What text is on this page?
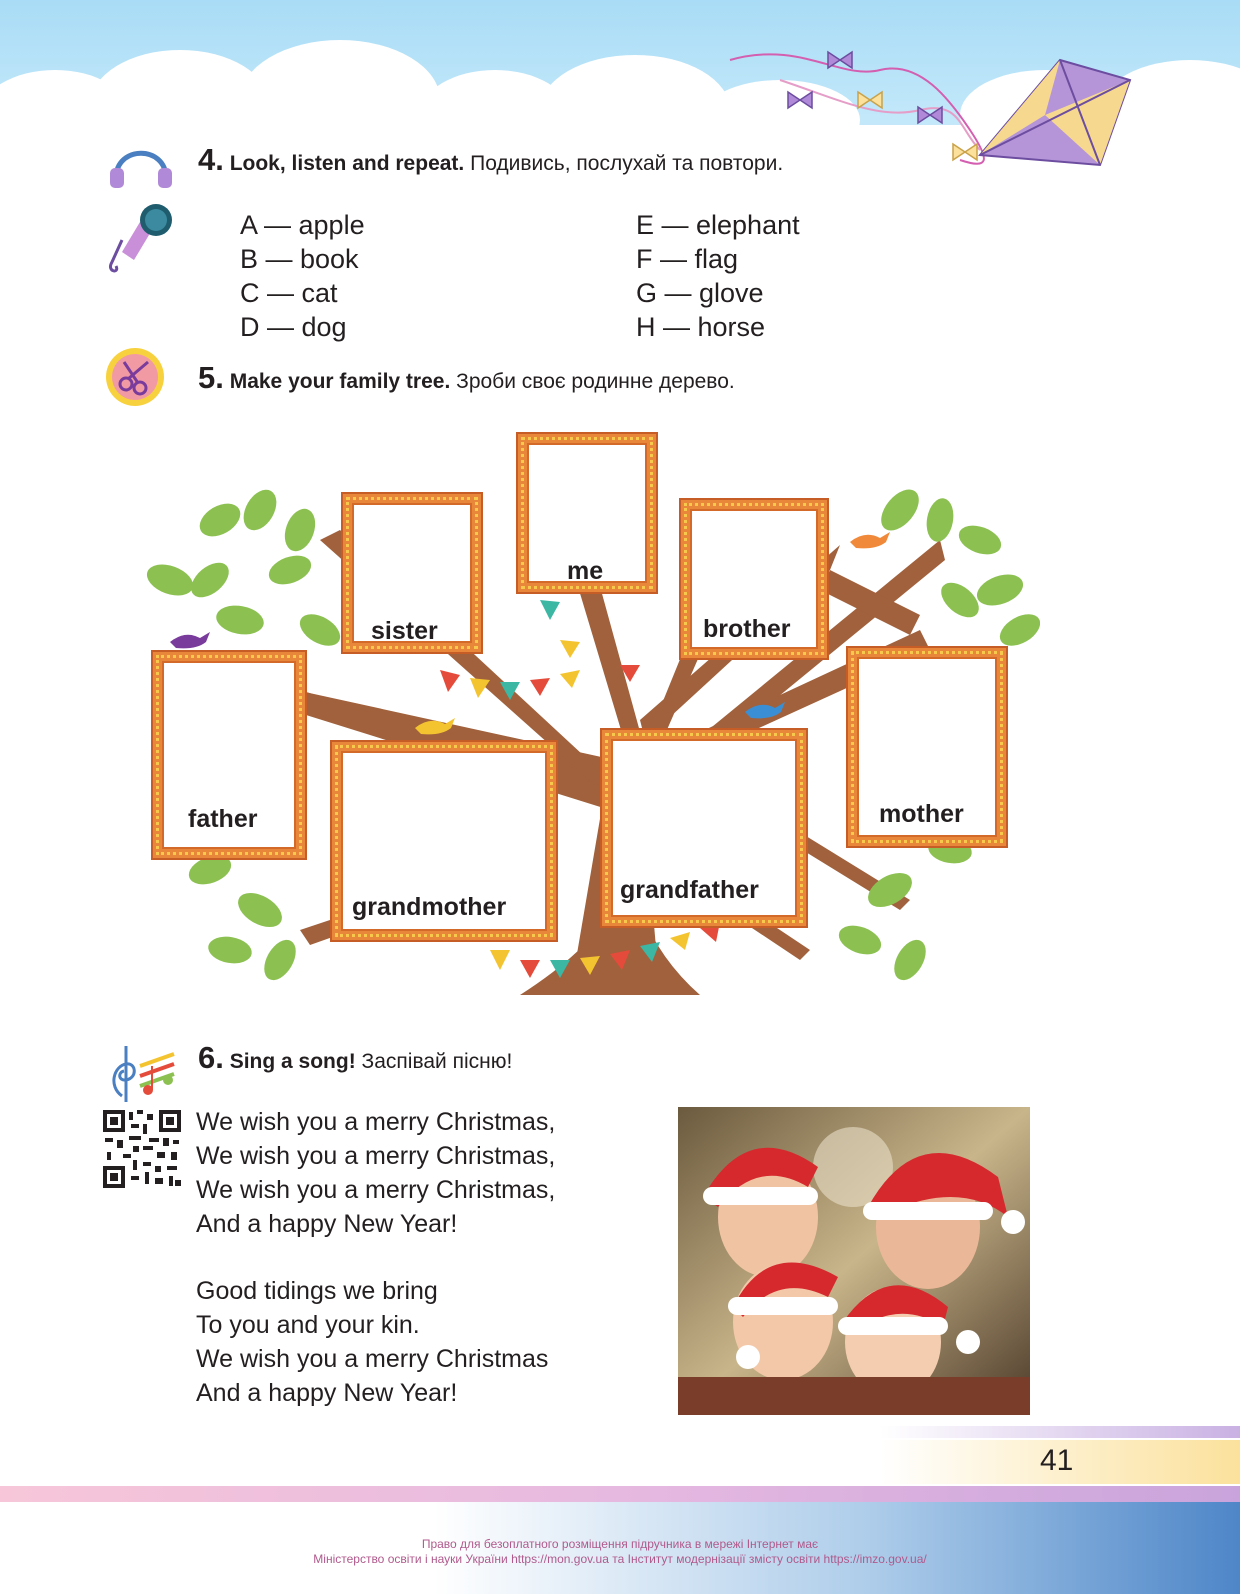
4. Look, listen and repeat. Подивись, послухай та повтори.
A — apple
B — book
C — cat
D — dog
E — elephant
F — flag
G — glove
H — horse
5. Make your family tree. Зроби своє родинне дерево.
me
sister	brother
father	mother
grandmother
grandfather
6. Sing a song! Заспівай пісню!
We wish you a merry Christmas,
We wish you a merry Christmas,
We wish you a merry Christmas,
And a happy New Year!
Good tidings we bring
To you and your kin.
We wish you a merry Christmas
And a happy New Year!
41
Право для безоплатного розміщення підручника в мережі Інтернет має
Міністерство освіти і науки України https://mon.gov.ua та Інститут модернізації змісту освіти https://imzo.gov.ua/
